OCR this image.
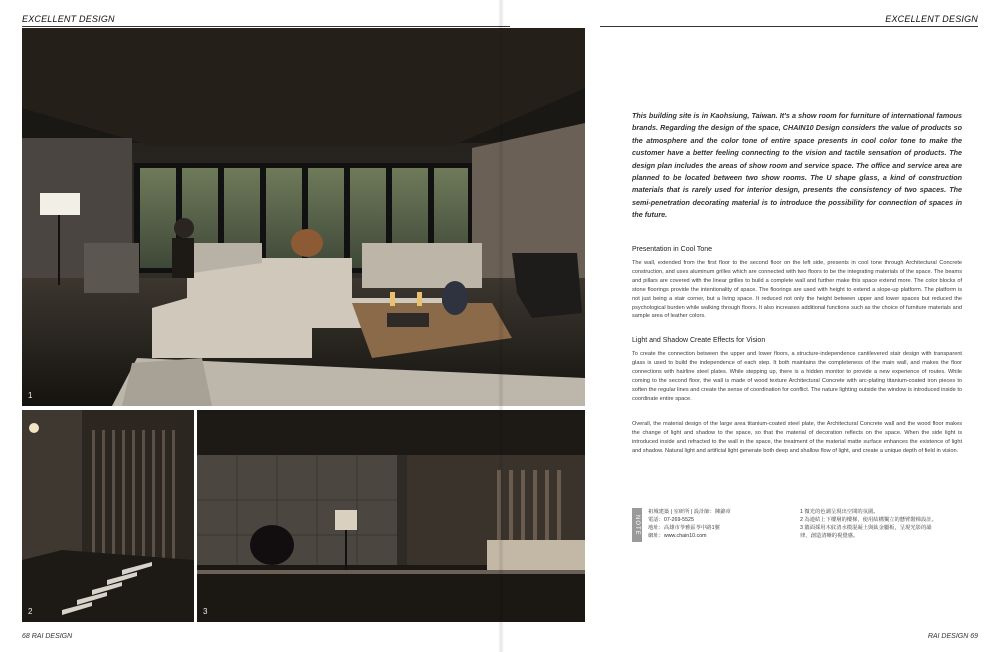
EXCELLENT DESIGN	EXCELLENT DESIGN
1
2	3
This building site is in Kaohsiung, Taiwan. It's a show room for furniture of international famous brands. Regarding the design of the space, CHAIN10 Design considers the value of products so the atmosphere and the color tone of entire space presents in cool color tone to make the customer have a better feeling connecting to the vision and tactile sensation of products. The design plan includes the areas of show room and service space. The office and service area are planned to be located between two show rooms. The U shape glass, a kind of construction materials that is rarely used for interior design, presents the consistency of two spaces. The semi-penetration decorating material is to introduce the possibility for connection of spaces in the future.
Presentation in Cool Tone
The wall, extended from the first floor to the second floor on the left side, presents in cool tone through Architectural Concrete construction, and uses aluminum grilles which are connected with two floors to be the integrating materials of the space. The beams and pillars are covered with the linear grilles to build a complete wall and further make this space extend more. The color blocks of stone floorings provide the intentionality of space. The floorings are used with height to extend a slope-up platform. The platform is not just being a stair corner, but a living space. It reduced not only the height between upper and lower spaces but reduced the psychological burden while walking through floors. It also increases additional functions such as the choice of furniture materials and sample area of leather colors.
Light and Shadow Create Effects for Vision
To create the connection between the upper and lower floors, a structure-independence cantilevered stair design with transparent glass is used to build the independence of each step. It both maintains the completeness of the main wall, and makes the floor connections with hairline steel plates. While stepping up, there is a hidden monitor to provide a new experience of routes. While coming to the second floor, the wall is made of wood texture Architectural Concrete with arc-plating titanium-coated iron pieces to soften the regular lines and create the sense of coordination for conflict. The nature lighting outside the window is introduced inside to coordinate entire space.
Overall, the material design of the large area titanium-coated steel plate, the Architectural Concrete wall and the wood floor makes the change of light and shadow to the space, so that the material of decoration reflects on the space. When the side light is introduced inside and refracted to the wall in the space, the treatment of the material matte surface enhances the existence of light and shadow. Natural light and artificial light generate both deep and shallow flow of light, and create a unique depth of field in vision.
NOTE
祖城建築 | 室研所 | 設計師：陳錦章
電話：07-269-5525
地址：高雄市苓雅區苓中路1號
網址：www.chain10.com
1 微光的色調呈現出空間的氛圍。
2 為連結上下樓層的樓梯，使用結構獨立的懸臂階梯設計。
3 牆面採用木紋清水模混凝土與鈦金屬板，呈現光影的韻
律，創造清晰的視覺感。
68 RAI DESIGN	RAI DESIGN 69
